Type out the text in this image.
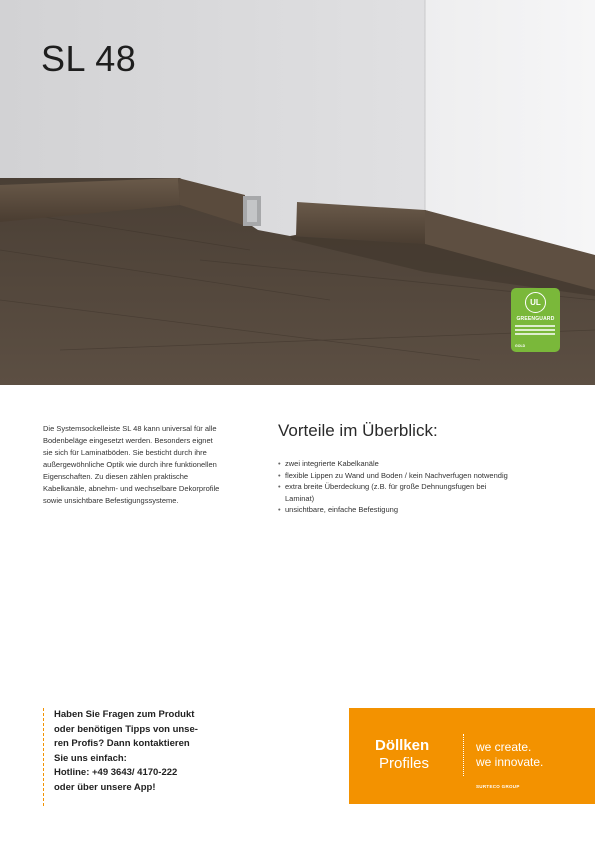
SL 48
UL
GREENGUARD
GOLD

Die Systemsockelleiste SL 48 kann universal für alle Bodenbeläge eingesetzt werden. Besonders eignet sie sich für Laminatböden. Sie besticht durch ihre außergewöhnliche Optik wie durch ihre funktionellen Eigenschaften. Zu diesen zählen praktische Kabelkanäle, abnehm- und wechselbare Dekorprofile sowie unsichtbare Befestigungssysteme.

Vorteile im Überblick:
• zwei integrierte Kabelkanäle
• flexible Lippen zu Wand und Boden / kein Nachverfugen notwendig
• extra breite Überdeckung (z.B. für große Dehnungsfugen bei Laminat)
• unsichtbare, einfache Befestigung

Haben Sie Fragen zum Produkt

oder benötigen Tipps von unse-

ren Profis? Dann kontaktieren

Sie uns einfach:

Hotline: +49 3643/ 4170-222

oder über unsere App!

Döllken
Profiles
we create.
we innovate.
SURTECO GROUP
